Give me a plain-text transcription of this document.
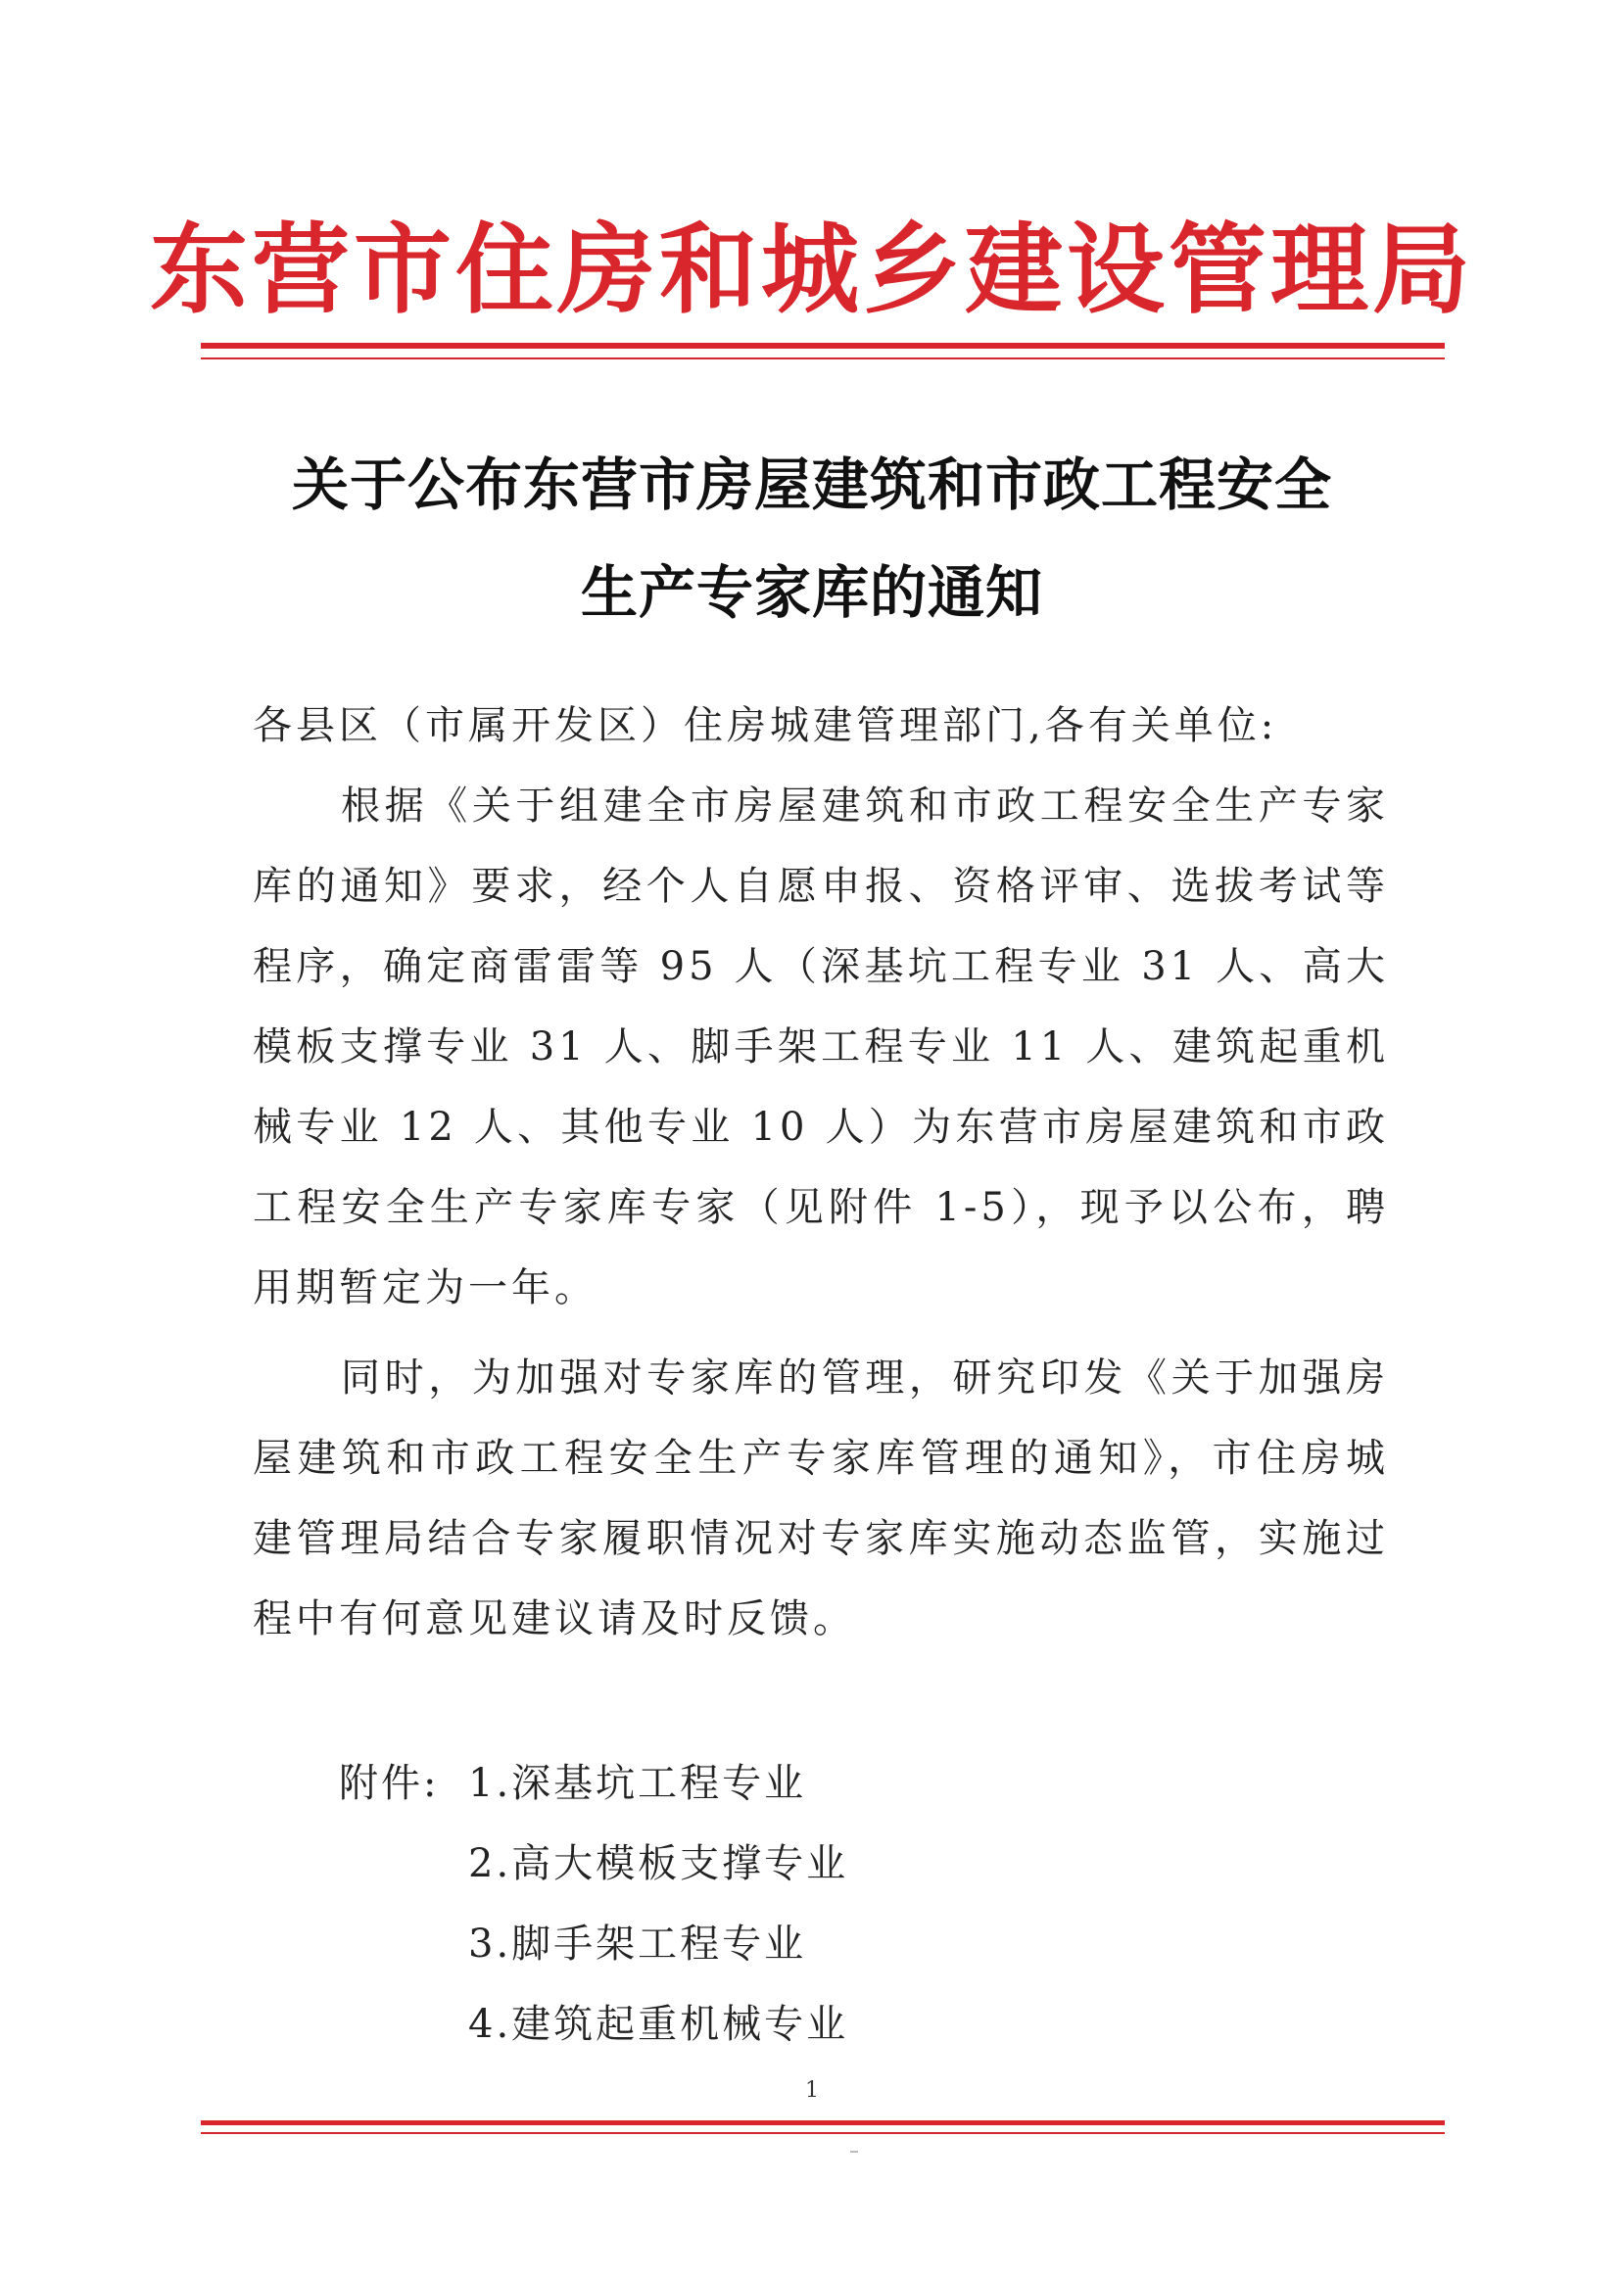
东营市住房和城乡建设管理局
关于公布东营市房屋建筑和市政工程安全
生产专家库的通知
各县区（市属开发区）住房城建管理部门,各有关单位:
根据《关于组建全市房屋建筑和市政工程安全生产专家库的通知》要求，经个人自愿申报、资格评审、选拔考试等程序，确定商雷雷等 95 人（深基坑工程专业 31 人、高大模板支撑专业 31 人、脚手架工程专业 11 人、建筑起重机械专业 12 人、其他专业 10 人）为东营市房屋建筑和市政工程安全生产专家库专家（见附件 1-5），现予以公布，聘用期暂定为一年。
同时，为加强对专家库的管理，研究印发《关于加强房屋建筑和市政工程安全生产专家库管理的通知》，市住房城建管理局结合专家履职情况对专家库实施动态监管，实施过程中有何意见建议请及时反馈。
附件: 1.深基坑工程专业
2.高大模板支撑专业
3.脚手架工程专业
4.建筑起重机械专业
1
